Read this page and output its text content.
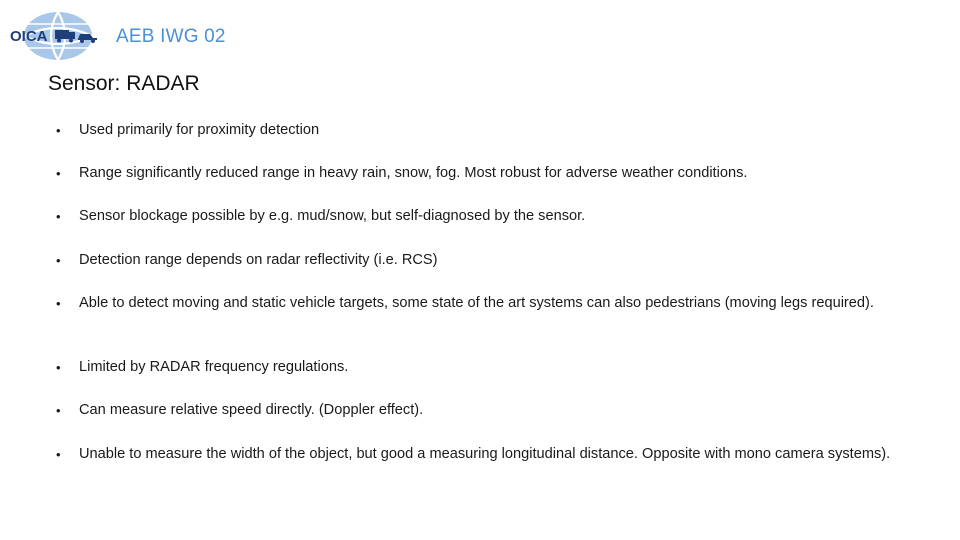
OICA	AEB IWG 02
Sensor: RADAR
•	Used primarily for proximity detection
•	Range significantly reduced range in heavy rain, snow, fog. Most robust for adverse weather conditions.
•	Sensor blockage possible by e.g. mud/snow, but self-diagnosed by the sensor.
•	Detection range depends on radar reflectivity (i.e. RCS)
•	Able to detect moving and static vehicle targets, some state of the art systems can also pedestrians (moving legs required).
•	Limited by RADAR frequency regulations.
•	Can measure relative speed directly. (Doppler effect).
•	Unable to measure the width of the object, but good a measuring longitudinal distance. Opposite with mono camera systems).
